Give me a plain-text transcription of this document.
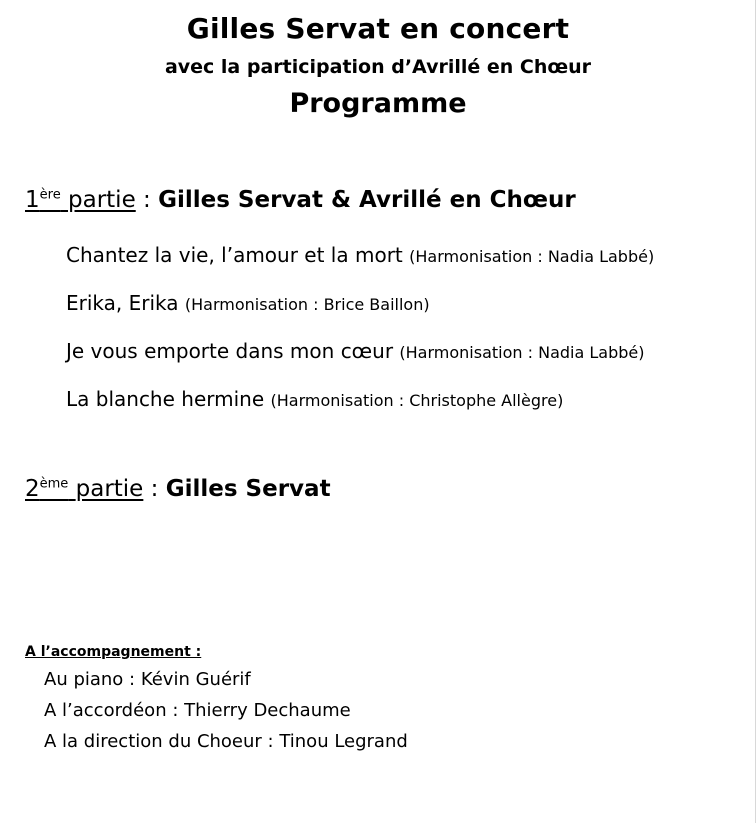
Gilles Servat en concert
avec la participation d’Avrillé en Chœur
Programme
1ère partie : Gilles Servat & Avrillé en Chœur
Chantez la vie, l’amour et la mort (Harmonisation : Nadia Labbé)
Erika, Erika (Harmonisation : Brice Baillon)
Je vous emporte dans mon cœur (Harmonisation : Nadia Labbé)
La blanche hermine (Harmonisation : Christophe Allègre)
2ème partie : Gilles Servat
A l’accompagnement :
Au piano : Kévin Guérif
A l’accordéon : Thierry Dechaume
A la direction du Choeur : Tinou Legrand
